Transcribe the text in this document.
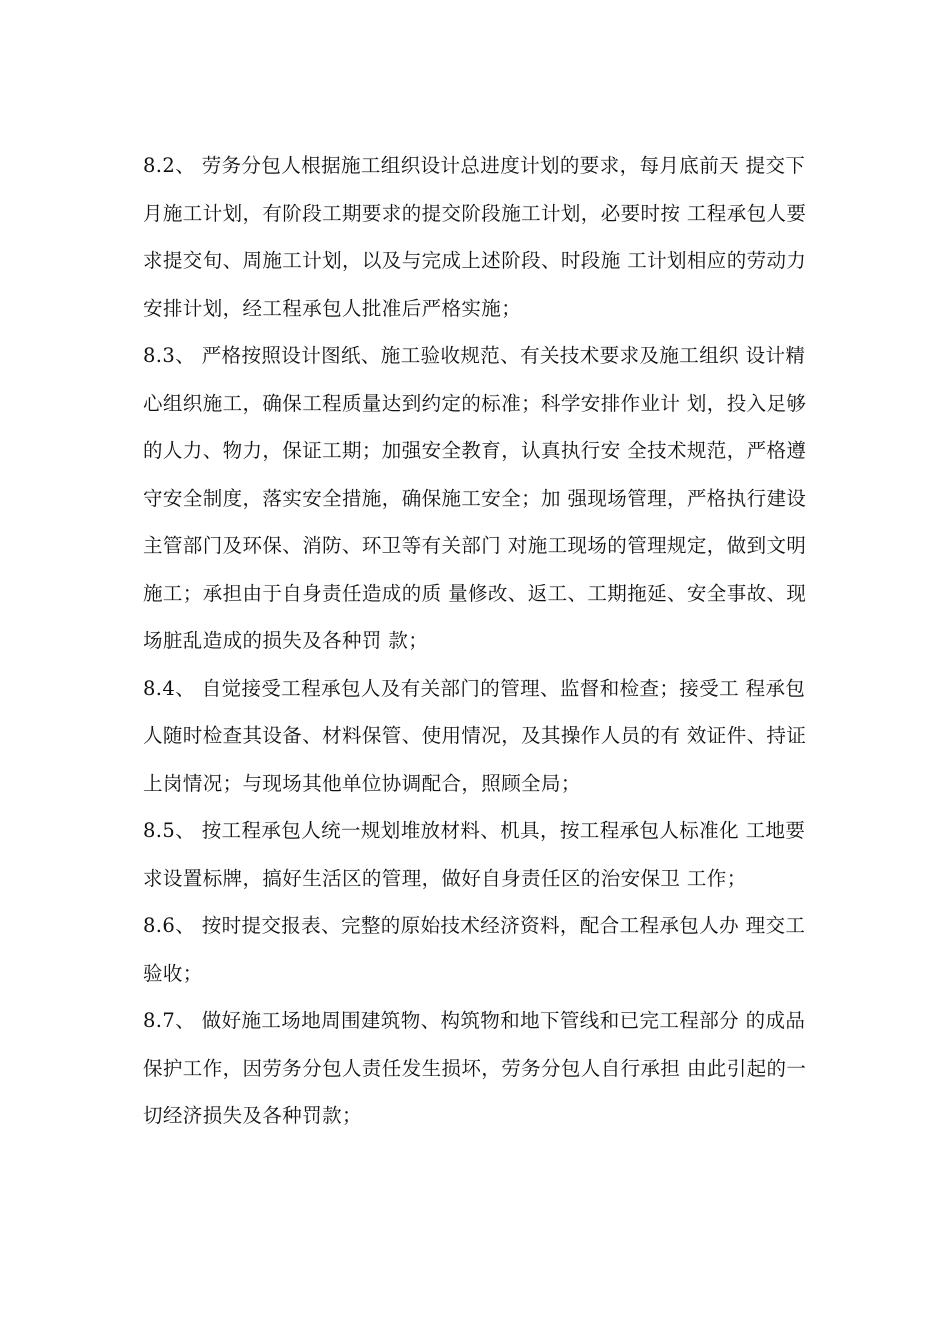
8.2、 劳务分包人根据施工组织设计总进度计划的要求，每月底前天 提交下
月施工计划，有阶段工期要求的提交阶段施工计划，必要时按 工程承包人要
求提交旬、周施工计划，以及与完成上述阶段、时段施 工计划相应的劳动力
安排计划，经工程承包人批准后严格实施；
8.3、 严格按照设计图纸、施工验收规范、有关技术要求及施工组织 设计精
心组织施工，确保工程质量达到约定的标准；科学安排作业计 划，投入足够
的人力、物力，保证工期；加强安全教育，认真执行安 全技术规范，严格遵
守安全制度，落实安全措施，确保施工安全；加 强现场管理，严格执行建设
主管部门及环保、消防、环卫等有关部门 对施工现场的管理规定，做到文明
施工；承担由于自身责任造成的质 量修改、返工、工期拖延、安全事故、现
场脏乱造成的损失及各种罚 款；
8.4、 自觉接受工程承包人及有关部门的管理、监督和检查；接受工 程承包
人随时检查其设备、材料保管、使用情况，及其操作人员的有 效证件、持证
上岗情况；与现场其他单位协调配合，照顾全局；
8.5、 按工程承包人统一规划堆放材料、机具，按工程承包人标准化 工地要
求设置标牌，搞好生活区的管理，做好自身责任区的治安保卫 工作；
8.6、 按时提交报表、完整的原始技术经济资料，配合工程承包人办 理交工
验收；
8.7、 做好施工场地周围建筑物、构筑物和地下管线和已完工程部分 的成品
保护工作，因劳务分包人责任发生损坏，劳务分包人自行承担 由此引起的一
切经济损失及各种罚款；
